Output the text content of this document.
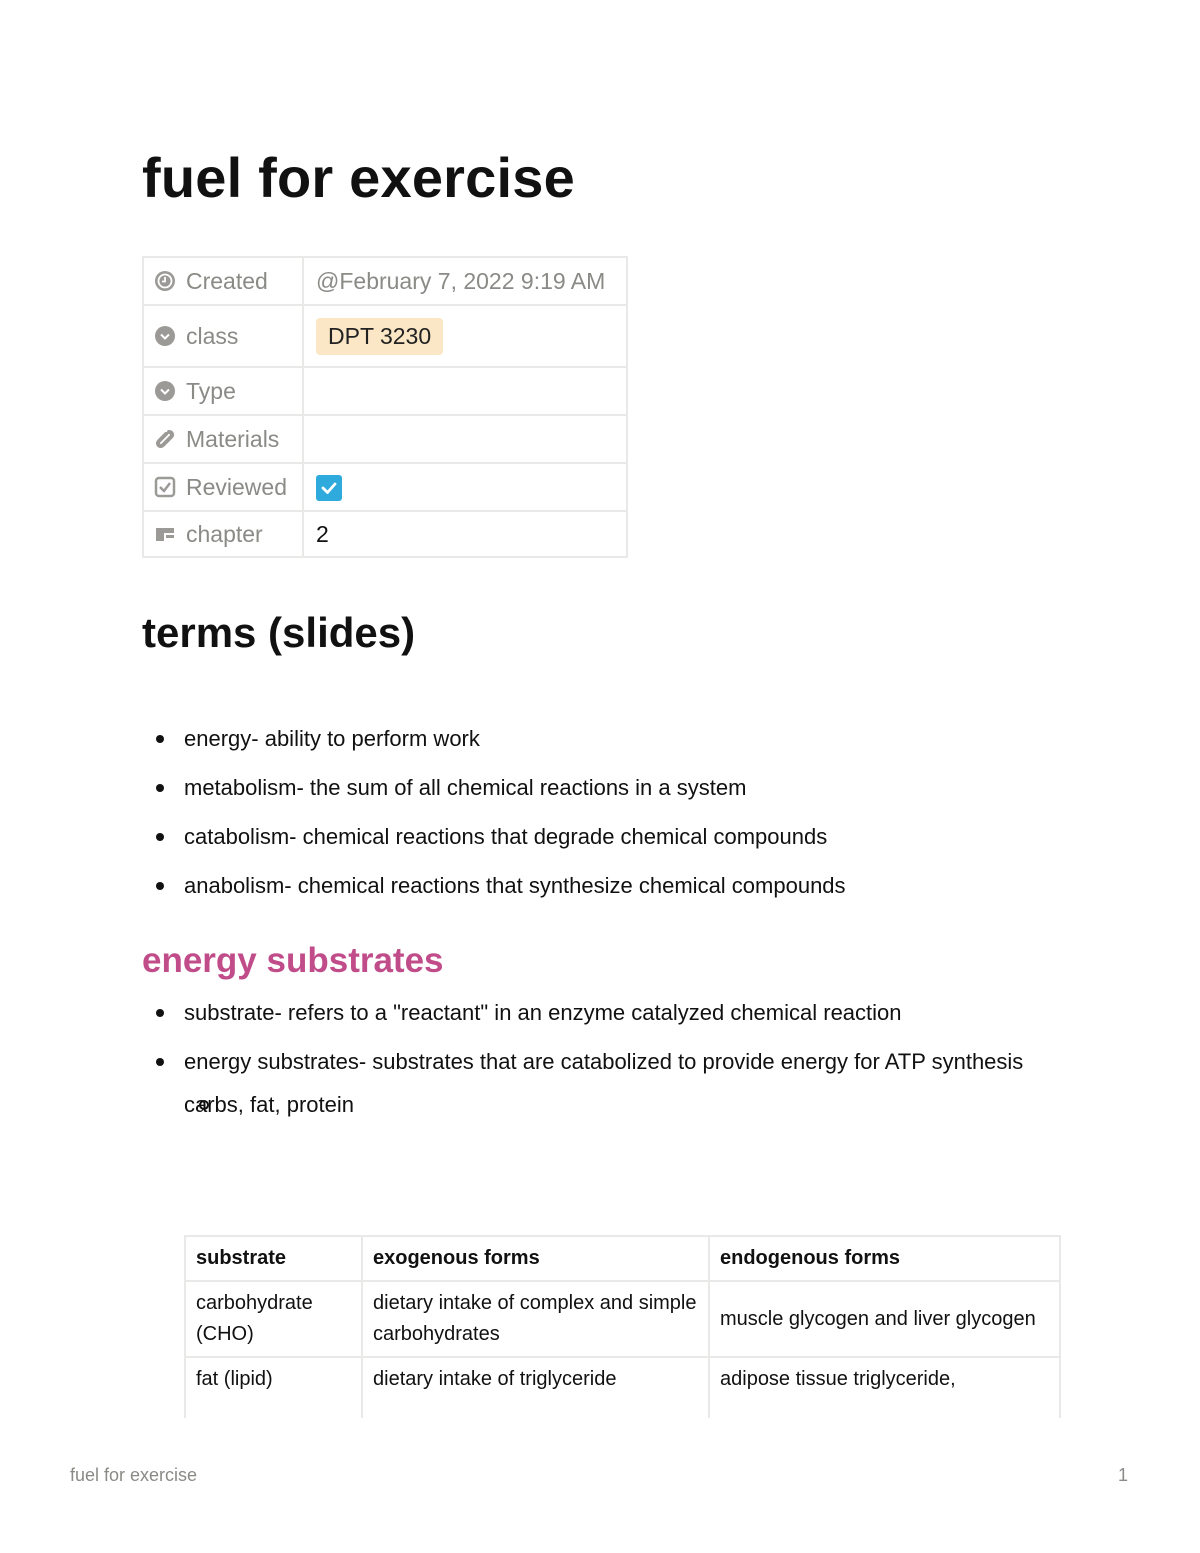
fuel for exercise
Created	@February 7, 2022 9:19 AM

class	DPT 3230

Type	

Materials	

Reviewed

chapter	2
terms (slides)
energy- ability to perform work
metabolism- the sum of all chemical reactions in a system
catabolism- chemical reactions that degrade chemical compounds
anabolism- chemical reactions that synthesize chemical compounds
energy substrates
substrate- refers to a "reactant" in an enzyme catalyzed chemical reaction
energy substrates- substrates that are catabolized to provide energy for ATP synthesis
carbs, fat, protein
substrate	exogenous forms	endogenous forms
carbohydrate (CHO)	dietary intake of complex and simple carbohydrates	muscle glycogen and liver glycogen
fat (lipid)	dietary intake of triglyceride	adipose tissue triglyceride,
fuel for exercise	1
